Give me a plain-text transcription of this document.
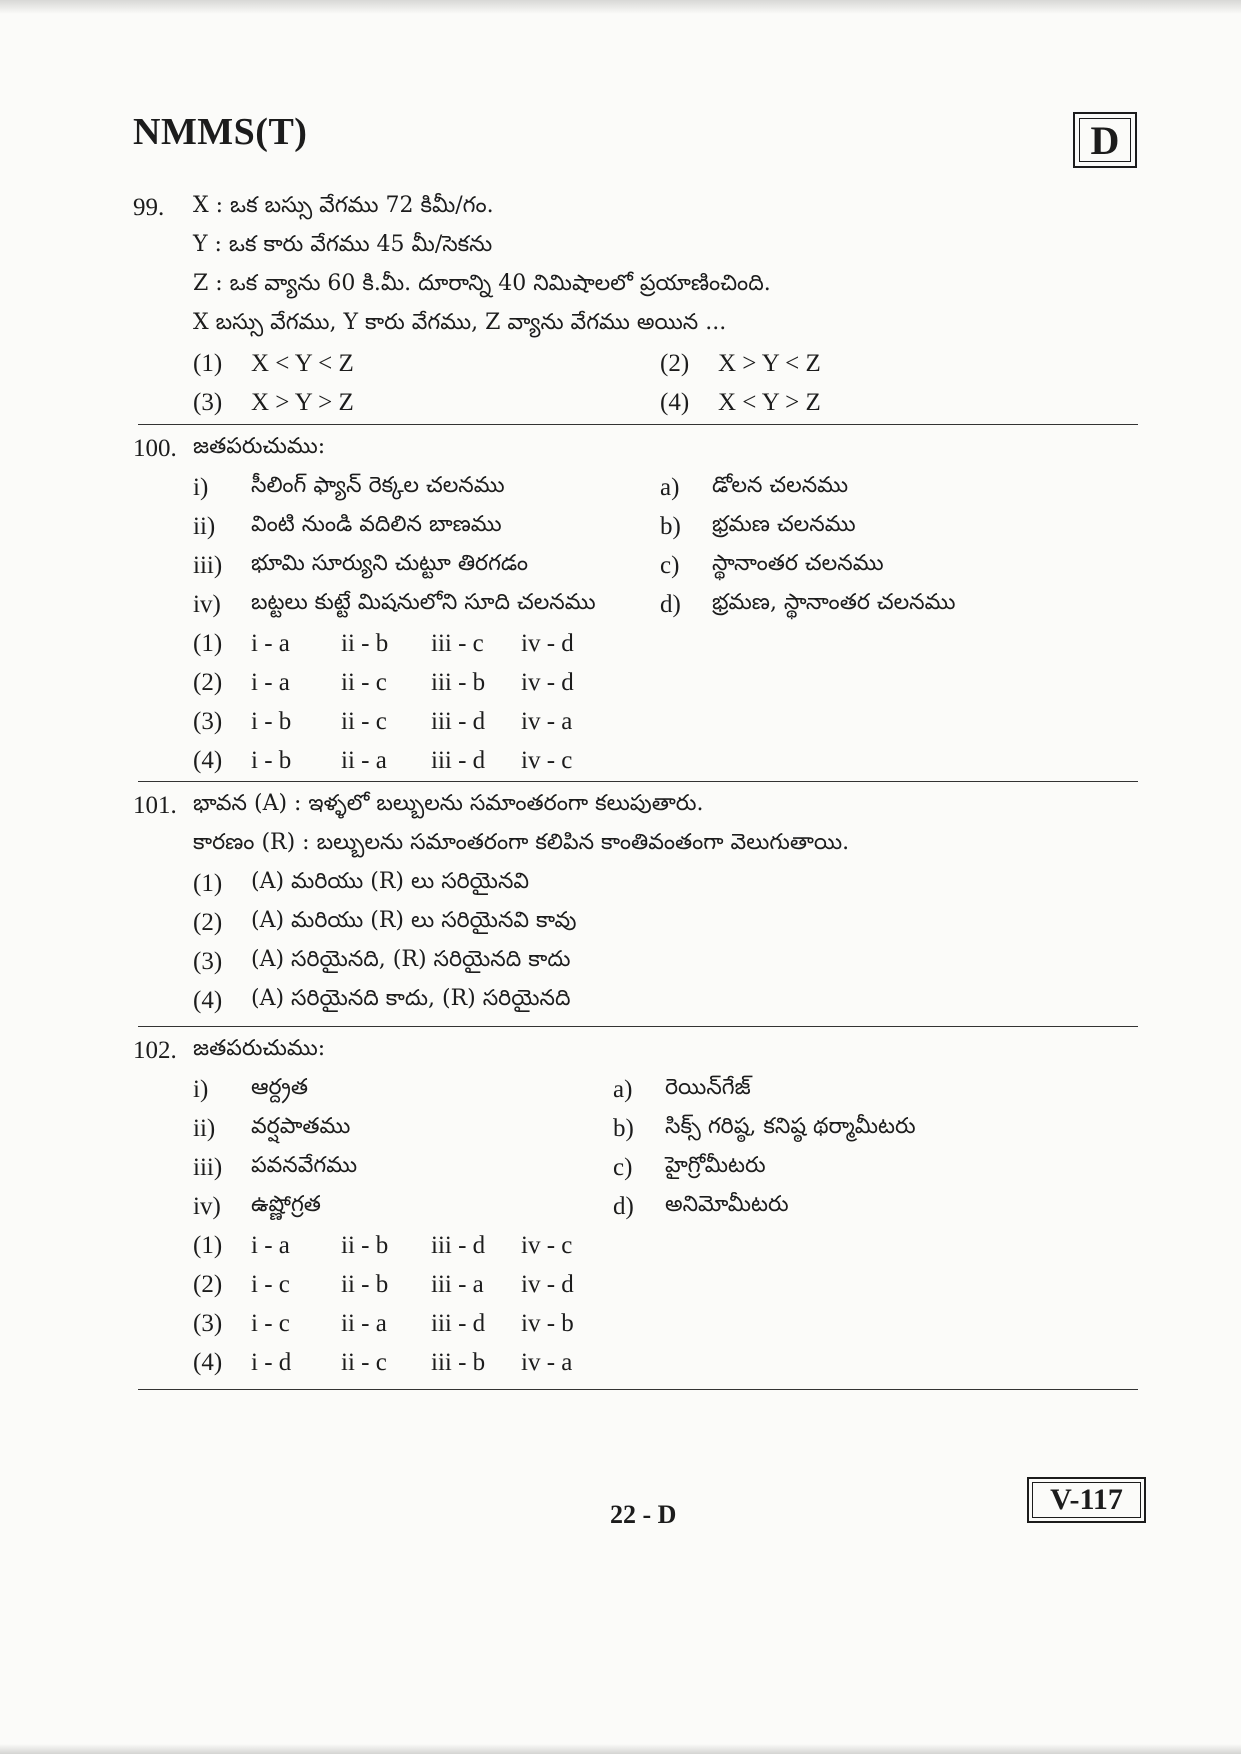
NMMS(T)	D
99.	X : ఒక బస్సు వేగము 72 కిమీ/గం.
Y : ఒక కారు వేగము 45 మీ/సెకను
Z : ఒక వ్యాను 60 కి.మీ. దూరాన్ని 40 నిమిషాలలో ప్రయాణించింది.
X బస్సు వేగము, Y కారు వేగము, Z వ్యాను వేగము అయిన ...
(1)	X < Y < Z	(2)	X > Y < Z
(3)	X > Y > Z	(4)	X < Y > Z
100. జతపరుచుము:
i)	సీలింగ్ ఫ్యాన్ రెక్కల చలనము	a)	డోలన చలనము
ii)	వింటి నుండి వదిలిన బాణము	b)	భ్రమణ చలనము
iii)	భూమి సూర్యుని చుట్టూ తిరగడం	c)	స్థానాంతర చలనము
iv)	బట్టలు కుట్టే మిషనులోని సూది చలనము	d)	భ్రమణ, స్థానాంతర చలనము
(1)	i - a	ii - b	iii - c	iv - d
(2)	i - a	ii - c	iii - b	iv - d
(3)	i - b	ii - c	iii - d	iv - a
(4)	i - b	ii - a	iii - d	iv - c
101. భావన (A) : ఇళ్ళలో బల్బులను సమాంతరంగా కలుపుతారు.
కారణం (R) : బల్బులను సమాంతరంగా కలిపిన కాంతివంతంగా వెలుగుతాయి.
(1)	(A) మరియు (R) లు సరియైనవి
(2)	(A) మరియు (R) లు సరియైనవి కావు
(3)	(A) సరియైనది, (R) సరియైనది కాదు
(4)	(A) సరియైనది కాదు, (R) సరియైనది
102. జతపరుచుము:
i)	ఆర్ద్రత	a)	రెయిన్‌గేజ్
ii)	వర్షపాతము	b)	సిక్స్ గరిష్ఠ, కనిష్ఠ థర్మామీటరు
iii)	పవనవేగము	c)	హైగ్రోమీటరు
iv)	ఉష్ణోగ్రత	d)	అనిమోమీటరు
(1)	i - a	ii - b	iii - d	iv - c
(2)	i - c	ii - b	iii - a	iv - d
(3)	i - c	ii - a	iii - d	iv - b
(4)	i - d	ii - c	iii - b	iv - a
22 - D	V-117
